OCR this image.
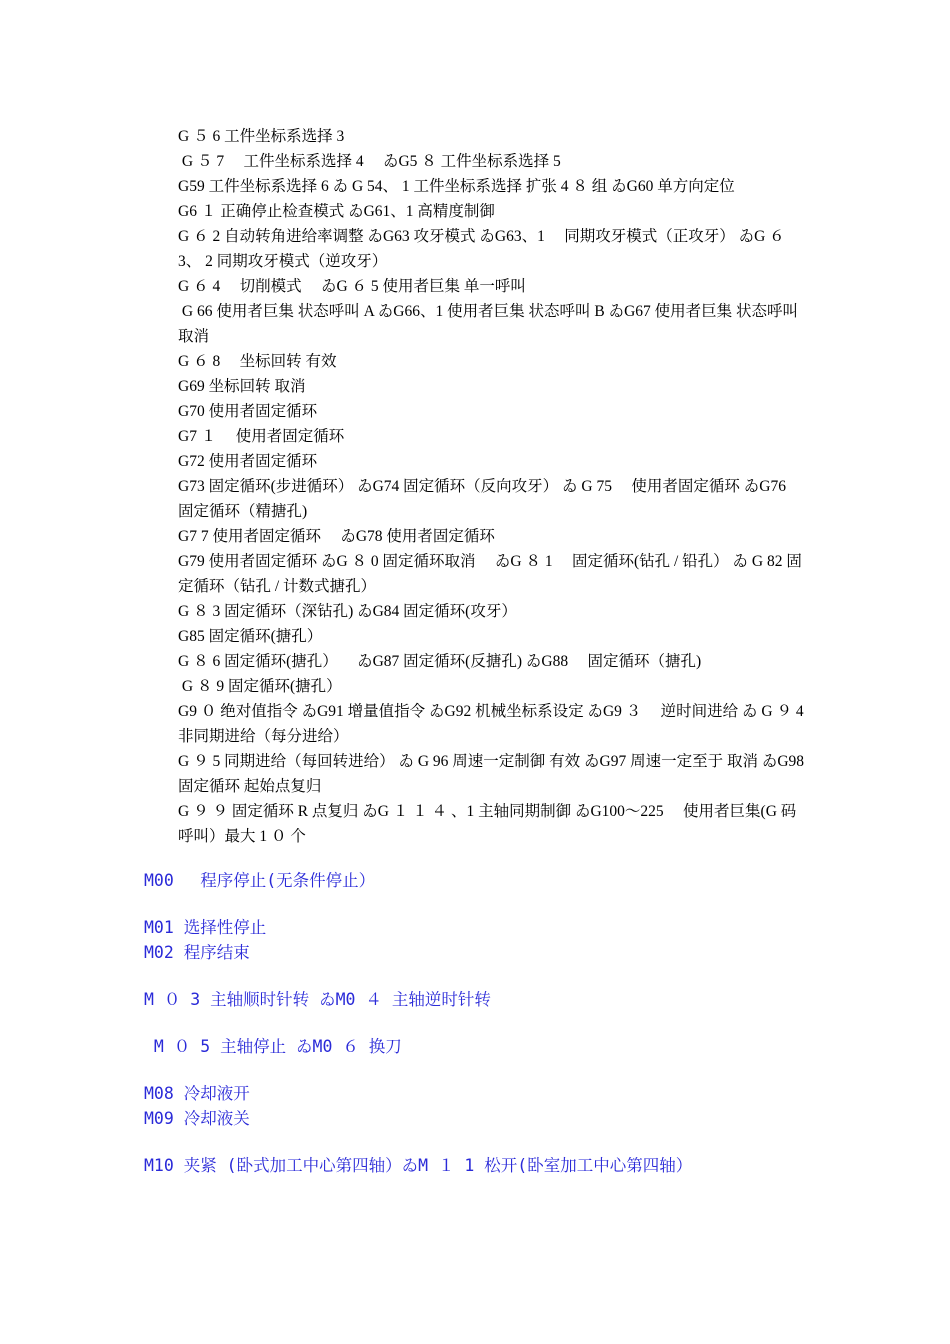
G ５ 6 工件坐标系选择 3
G ５ 7　 工件坐标系选择 4 　ゐG5 ８ 工件坐标系选择 5
G59 工件坐标系选择 6 ゐ G 54、 1 工件坐标系选择 扩张 4 ８ 组 ゐG60 单方向定位
G6 １ 正确停止检查模式 ゐG61、1 高精度制御
G ６ 2 自动转角进给率调整 ゐG63 攻牙模式 ゐG63、1　 同期攻牙模式（正攻牙） ゐG ６ 3、 2 同期攻牙模式（逆攻牙）
G ６ 4　 切削模式 　ゐG ６ 5 使用者巨集 单一呼叫
G 66 使用者巨集 状态呼叫 A ゐG66、1 使用者巨集 状态呼叫 B ゐG67 使用者巨集 状态呼叫 取消
G ６ 8　 坐标回转 有效
G69 坐标回转 取消
G70 使用者固定循环
G7 １　 使用者固定循环
G72 使用者固定循环
G73 固定循环(步进循环） ゐG74 固定循环（反向攻牙） ゐ G 75　 使用者固定循环 ゐG76　 固定循环（精搪孔)
G7 7 使用者固定循环 　ゐG78 使用者固定循环
G79 使用者固定循环 ゐG ８ 0 固定循环取消 　ゐG ８ 1　 固定循环(钻孔 / 铅孔） ゐ G 82 固定循环（钻孔 / 计数式搪孔）
G ８ 3 固定循环（深钻孔) ゐG84 固定循环(攻牙）
G85 固定循环(搪孔）
G ８ 6 固定循环(搪孔） 　ゐG87 固定循环(反搪孔) ゐG88　 固定循环（搪孔)
G ８ 9 固定循环(搪孔）
G9 ０ 绝对值指令 ゐG91 增量值指令 ゐG92 机械坐标系设定 ゐG9 ３　 逆时间进给 ゐ G ９ 4　 非同期进给（每分进给）
G ９ 5 同期进给（每回转进给） ゐ G 96 周速一定制御 有效 ゐG97 周速一定至于 取消 ゐG98 固定循环 起始点复归
G ９ ９ 固定循环 R 点复归 ゐG １ １ ４ 、1 主轴同期制御 ゐG100～225　 使用者巨集(G 码呼叫）最大 1 ０ 个
M00　 程序停止(无条件停止）
M01 选择性停止
M02 程序结束
M ０ 3 主轴顺时针转 ゐM0 ４ 主轴逆时针转
M ０ 5 主轴停止 ゐM0 ６ 换刀
M08 冷却液开
M09 冷却液关
M10 夹紧 (卧式加工中心第四轴）ゐM １ 1 松开(卧室加工中心第四轴）
